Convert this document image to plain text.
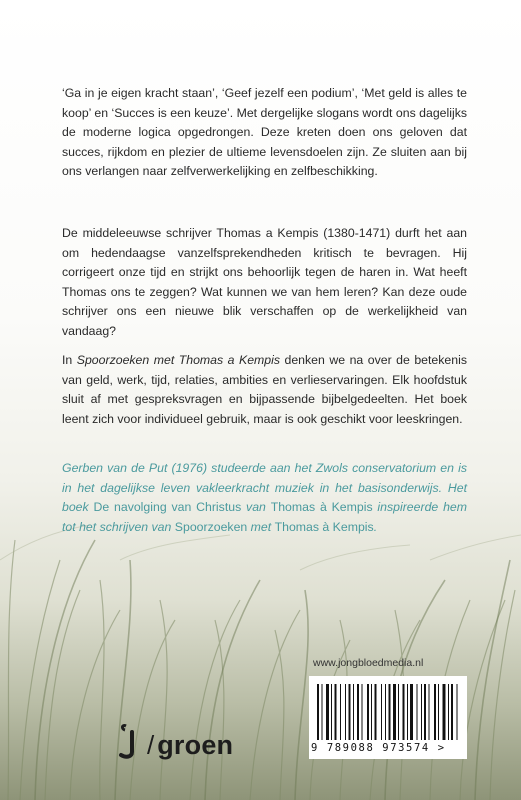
‘Ga in je eigen kracht staan’, ‘Geef jezelf een podium’, ‘Met geld is alles te koop’ en ‘Succes is een keuze’. Met dergelijke slogans wordt ons dagelijks de moderne logica opgedrongen. Deze kreten doen ons geloven dat succes, rijkdom en plezier de ultieme levensdoelen zijn. Ze sluiten aan bij ons verlangen naar zelfverwerkelijking en zelfbeschikking.

De middeleeuwse schrijver Thomas a Kempis (1380-1471) durft het aan om hedendaagse vanzelfsprekendheden kritisch te bevragen. Hij corrigeert onze tijd en strijkt ons behoorlijk tegen de haren in. Wat heeft Thomas ons te zeggen? Wat kunnen we van hem leren? Kan deze oude schrijver ons een nieuwe blik verschaffen op de werkelijkheid van vandaag?

In Spoorzoeken met Thomas a Kempis denken we na over de betekenis van geld, werk, tijd, relaties, ambities en verlieservaringen. Elk hoofdstuk sluit af met gespreksvragen en bijpassende bijbelgedeelten. Het boek leent zich voor individueel gebruik, maar is ook geschikt voor leeskringen.

Gerben van de Put (1976) studeerde aan het Zwols conservatorium en is in het dagelijkse leven vakleerkracht muziek in het basisonderwijs. Het boek De navolging van Christus van Thomas à Kempis inspireerde hem tot het schrijven van Spoorzoeken met Thomas à Kempis.

www.jongbloedmedia.nl
9 789088 973574 >
/ groen
